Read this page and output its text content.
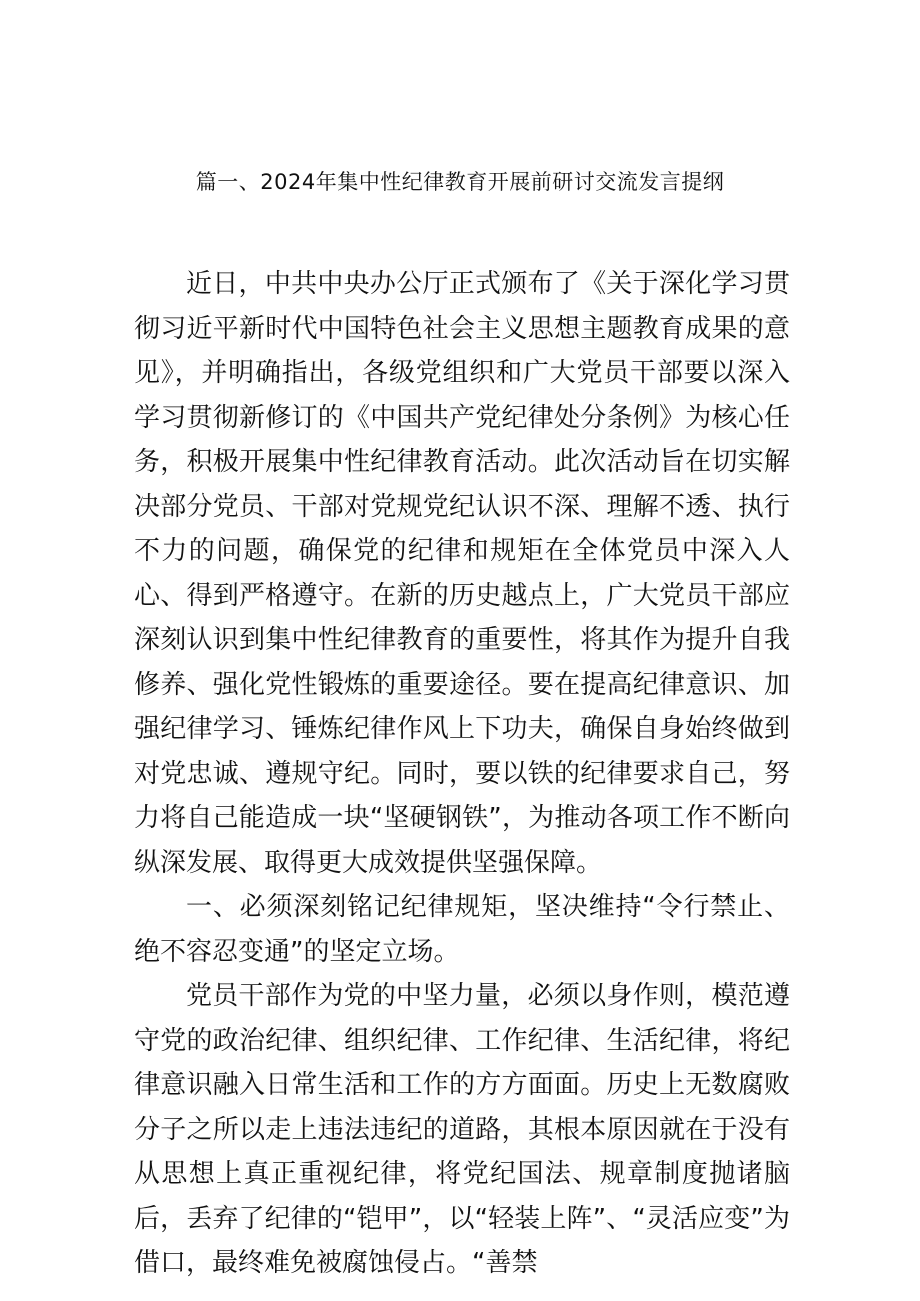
篇一、2024年集中性纪律教育开展前研讨交流发言提纲

近日，中共中央办公厅正式颁布了《关于深化学习贯彻习近平新时代中国特色社会主义思想主题教育成果的意见》，并明确指出，各级党组织和广大党员干部要以深入学习贯彻新修订的《中国共产党纪律处分条例》为核心任务，积极开展集中性纪律教育活动。此次活动旨在切实解决部分党员、干部对党规党纪认识不深、理解不透、执行不力的问题，确保党的纪律和规矩在全体党员中深入人心、得到严格遵守。在新的历史越点上，广大党员干部应深刻认识到集中性纪律教育的重要性，将其作为提升自我修养、强化党性锻炼的重要途径。要在提高纪律意识、加强纪律学习、锤炼纪律作风上下功夫，确保自身始终做到对党忠诚、遵规守纪。同时，要以铁的纪律要求自己，努力将自己能造成一块“坚硬钢铁”，为推动各项工作不断向纵深发展、取得更大成效提供坚强保障。

一、必须深刻铭记纪律规矩，坚决维持“令行禁止、绝不容忍变通”的坚定立场。

党员干部作为党的中坚力量，必须以身作则，模范遵守党的政治纪律、组织纪律、工作纪律、生活纪律，将纪律意识融入日常生活和工作的方方面面。历史上无数腐败分子之所以走上违法违纪的道路，其根本原因就在于没有从思想上真正重视纪律，将党纪国法、规章制度抛诸脑后，丢弃了纪律的“铠甲”，以“轻装上阵”、“灵活应变”为借口，最终难免被腐蚀侵占。“善禁
